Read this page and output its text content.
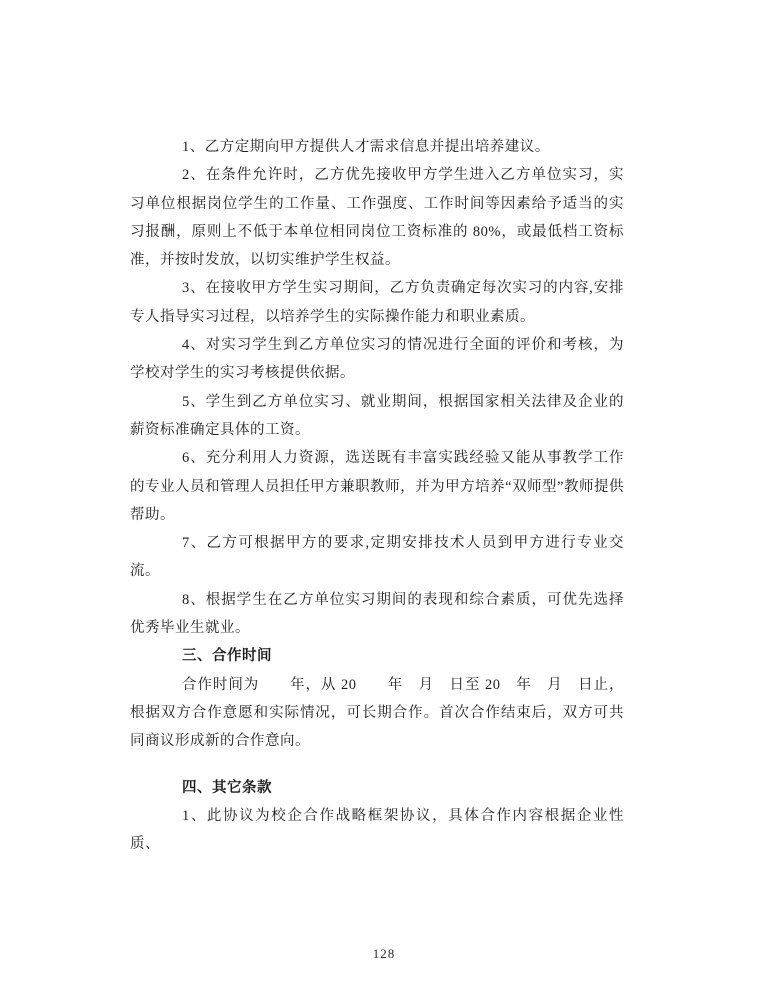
1、乙方定期向甲方提供人才需求信息并提出培养建议。

2、在条件允许时，乙方优先接收甲方学生进入乙方单位实习，实习单位根据岗位学生的工作量、工作强度、工作时间等因素给予适当的实习报酬，原则上不低于本单位相同岗位工资标准的 80%，或最低档工资标准，并按时发放，以切实维护学生权益。

3、在接收甲方学生实习期间，乙方负责确定每次实习的内容,安排专人指导实习过程，以培养学生的实际操作能力和职业素质。

4、对实习学生到乙方单位实习的情况进行全面的评价和考核，为学校对学生的实习考核提供依据。

5、学生到乙方单位实习、就业期间，根据国家相关法律及企业的薪资标准确定具体的工资。

6、充分利用人力资源，选送既有丰富实践经验又能从事教学工作的专业人员和管理人员担任甲方兼职教师，并为甲方培养“双师型”教师提供帮助。

7、乙方可根据甲方的要求,定期安排技术人员到甲方进行专业交流。

8、根据学生在乙方单位实习期间的表现和综合素质，可优先选择优秀毕业生就业。

三、合作时间

合作时间为　　年，从 20　　年　月　日至 20　年　月　日止，根据双方合作意愿和实际情况，可长期合作。首次合作结束后，双方可共同商议形成新的合作意向。

四、其它条款

1、此协议为校企合作战略框架协议，具体合作内容根据企业性质、

128
